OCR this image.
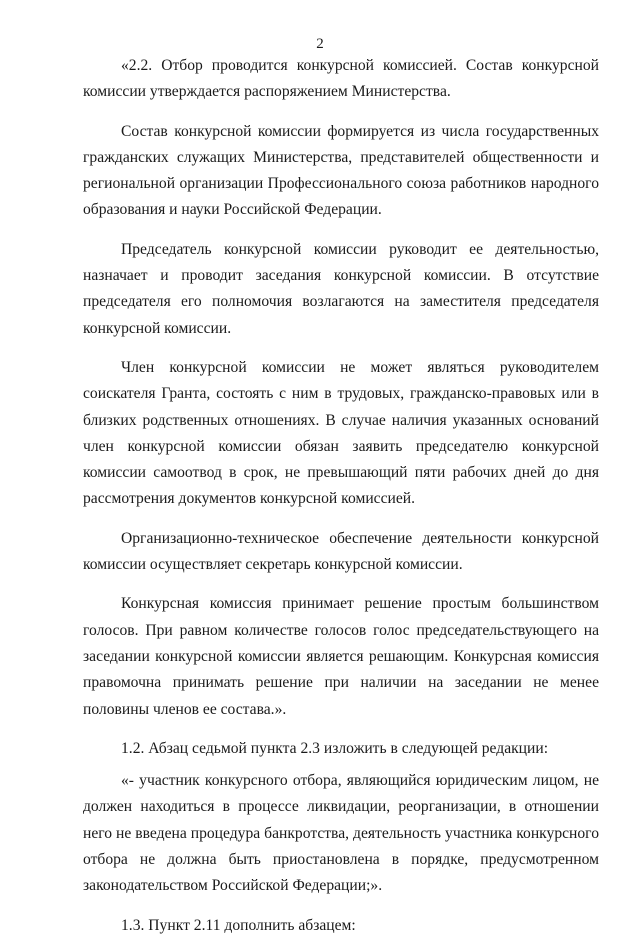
2

«2.2. Отбор проводится конкурсной комиссией. Состав конкурсной комиссии утверждается распоряжением Министерства.

Состав конкурсной комиссии формируется из числа государственных гражданских служащих Министерства, представителей общественности и региональной организации Профессионального союза работников народного образования и науки Российской Федерации.

Председатель конкурсной комиссии руководит ее деятельностью, назначает и проводит заседания конкурсной комиссии. В отсутствие председателя его полномочия возлагаются на заместителя председателя конкурсной комиссии.

Член конкурсной комиссии не может являться руководителем соискателя Гранта, состоять с ним в трудовых, гражданско-правовых или в близких родственных отношениях. В случае наличия указанных оснований член конкурсной комиссии обязан заявить председателю конкурсной комиссии самоотвод в срок, не превышающий пяти рабочих дней до дня рассмотрения документов конкурсной комиссией.

Организационно-техническое обеспечение деятельности конкурсной комиссии осуществляет секретарь конкурсной комиссии.

Конкурсная комиссия принимает решение простым большинством голосов. При равном количестве голосов голос председательствующего на заседании конкурсной комиссии является решающим. Конкурсная комиссия правомочна принимать решение при наличии на заседании не менее половины членов ее состава.».

1.2. Абзац седьмой пункта 2.3 изложить в следующей редакции:

«- участник конкурсного отбора, являющийся юридическим лицом, не должен находиться в процессе ликвидации, реорганизации, в отношении него не введена процедура банкротства, деятельность участника конкурсного отбора не должна быть приостановлена в порядке, предусмотренном законодательством Российской Федерации;».

1.3. Пункт 2.11 дополнить абзацем:
